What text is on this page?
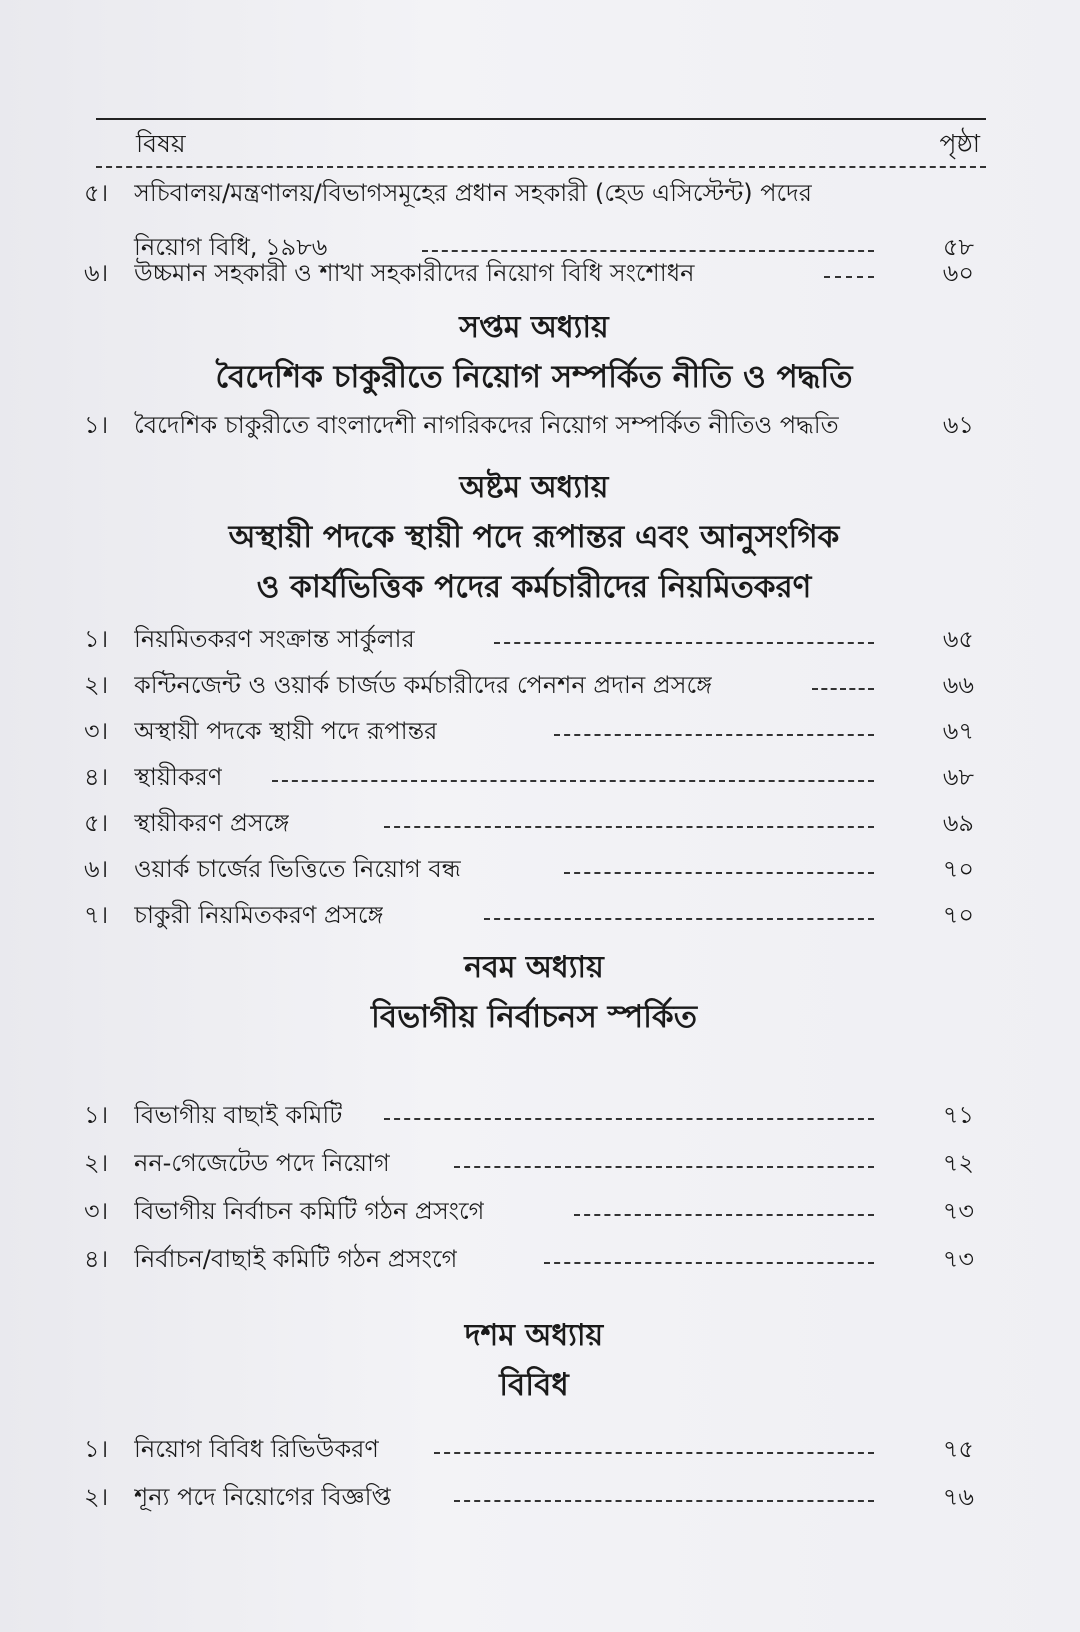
বিষয়	পৃষ্ঠা
৫।	সচিবালয়/মন্ত্রণালয়/বিভাগসমূহের প্রধান সহকারী (হেড এসিস্টেন্ট) পদের
নিয়োগ বিধি, ১৯৮৬	৫৮
৬।	উচ্চমান সহকারী ও শাখা সহকারীদের নিয়োগ বিধি সংশোধন	৬০
সপ্তম অধ্যায়
বৈদেশিক চাকুরীতে নিয়োগ সম্পর্কিত নীতি ও পদ্ধতি
১।	বৈদেশিক চাকুরীতে বাংলাদেশী নাগরিকদের নিয়োগ সম্পর্কিত নীতিও পদ্ধতি	৬১
অষ্টম অধ্যায়
অস্থায়ী পদকে স্থায়ী পদে রূপান্তর এবং আনুসংগিক
ও কার্যভিত্তিক পদের কর্মচারীদের নিয়মিতকরণ
১।	নিয়মিতকরণ সংক্রান্ত সার্কুলার	৬৫
২।	কন্টিনজেন্ট ও ওয়ার্ক চার্জড কর্মচারীদের পেনশন প্রদান প্রসঙ্গে	৬৬
৩।	অস্থায়ী পদকে স্থায়ী পদে রূপান্তর	৬৭
৪।	স্থায়ীকরণ	৬৮
৫।	স্থায়ীকরণ প্রসঙ্গে	৬৯
৬।	ওয়ার্ক চার্জের ভিত্তিতে নিয়োগ বন্ধ	৭০
৭।	চাকুরী নিয়মিতকরণ প্রসঙ্গে	৭০
নবম অধ্যায়
বিভাগীয় নির্বাচনস স্পর্কিত
১।	বিভাগীয় বাছাই কমিটি	৭১
২।	নন-গেজেটেড পদে নিয়োগ	৭২
৩।	বিভাগীয় নির্বাচন কমিটি গঠন প্রসংগে	৭৩
৪।	নির্বাচন/বাছাই কমিটি গঠন প্রসংগে	৭৩
দশম অধ্যায়
বিবিধ
১।	নিয়োগ বিবিধ রিভিউকরণ	৭৫
২।	শূন্য পদে নিয়োগের বিজ্ঞপ্তি	৭৬
